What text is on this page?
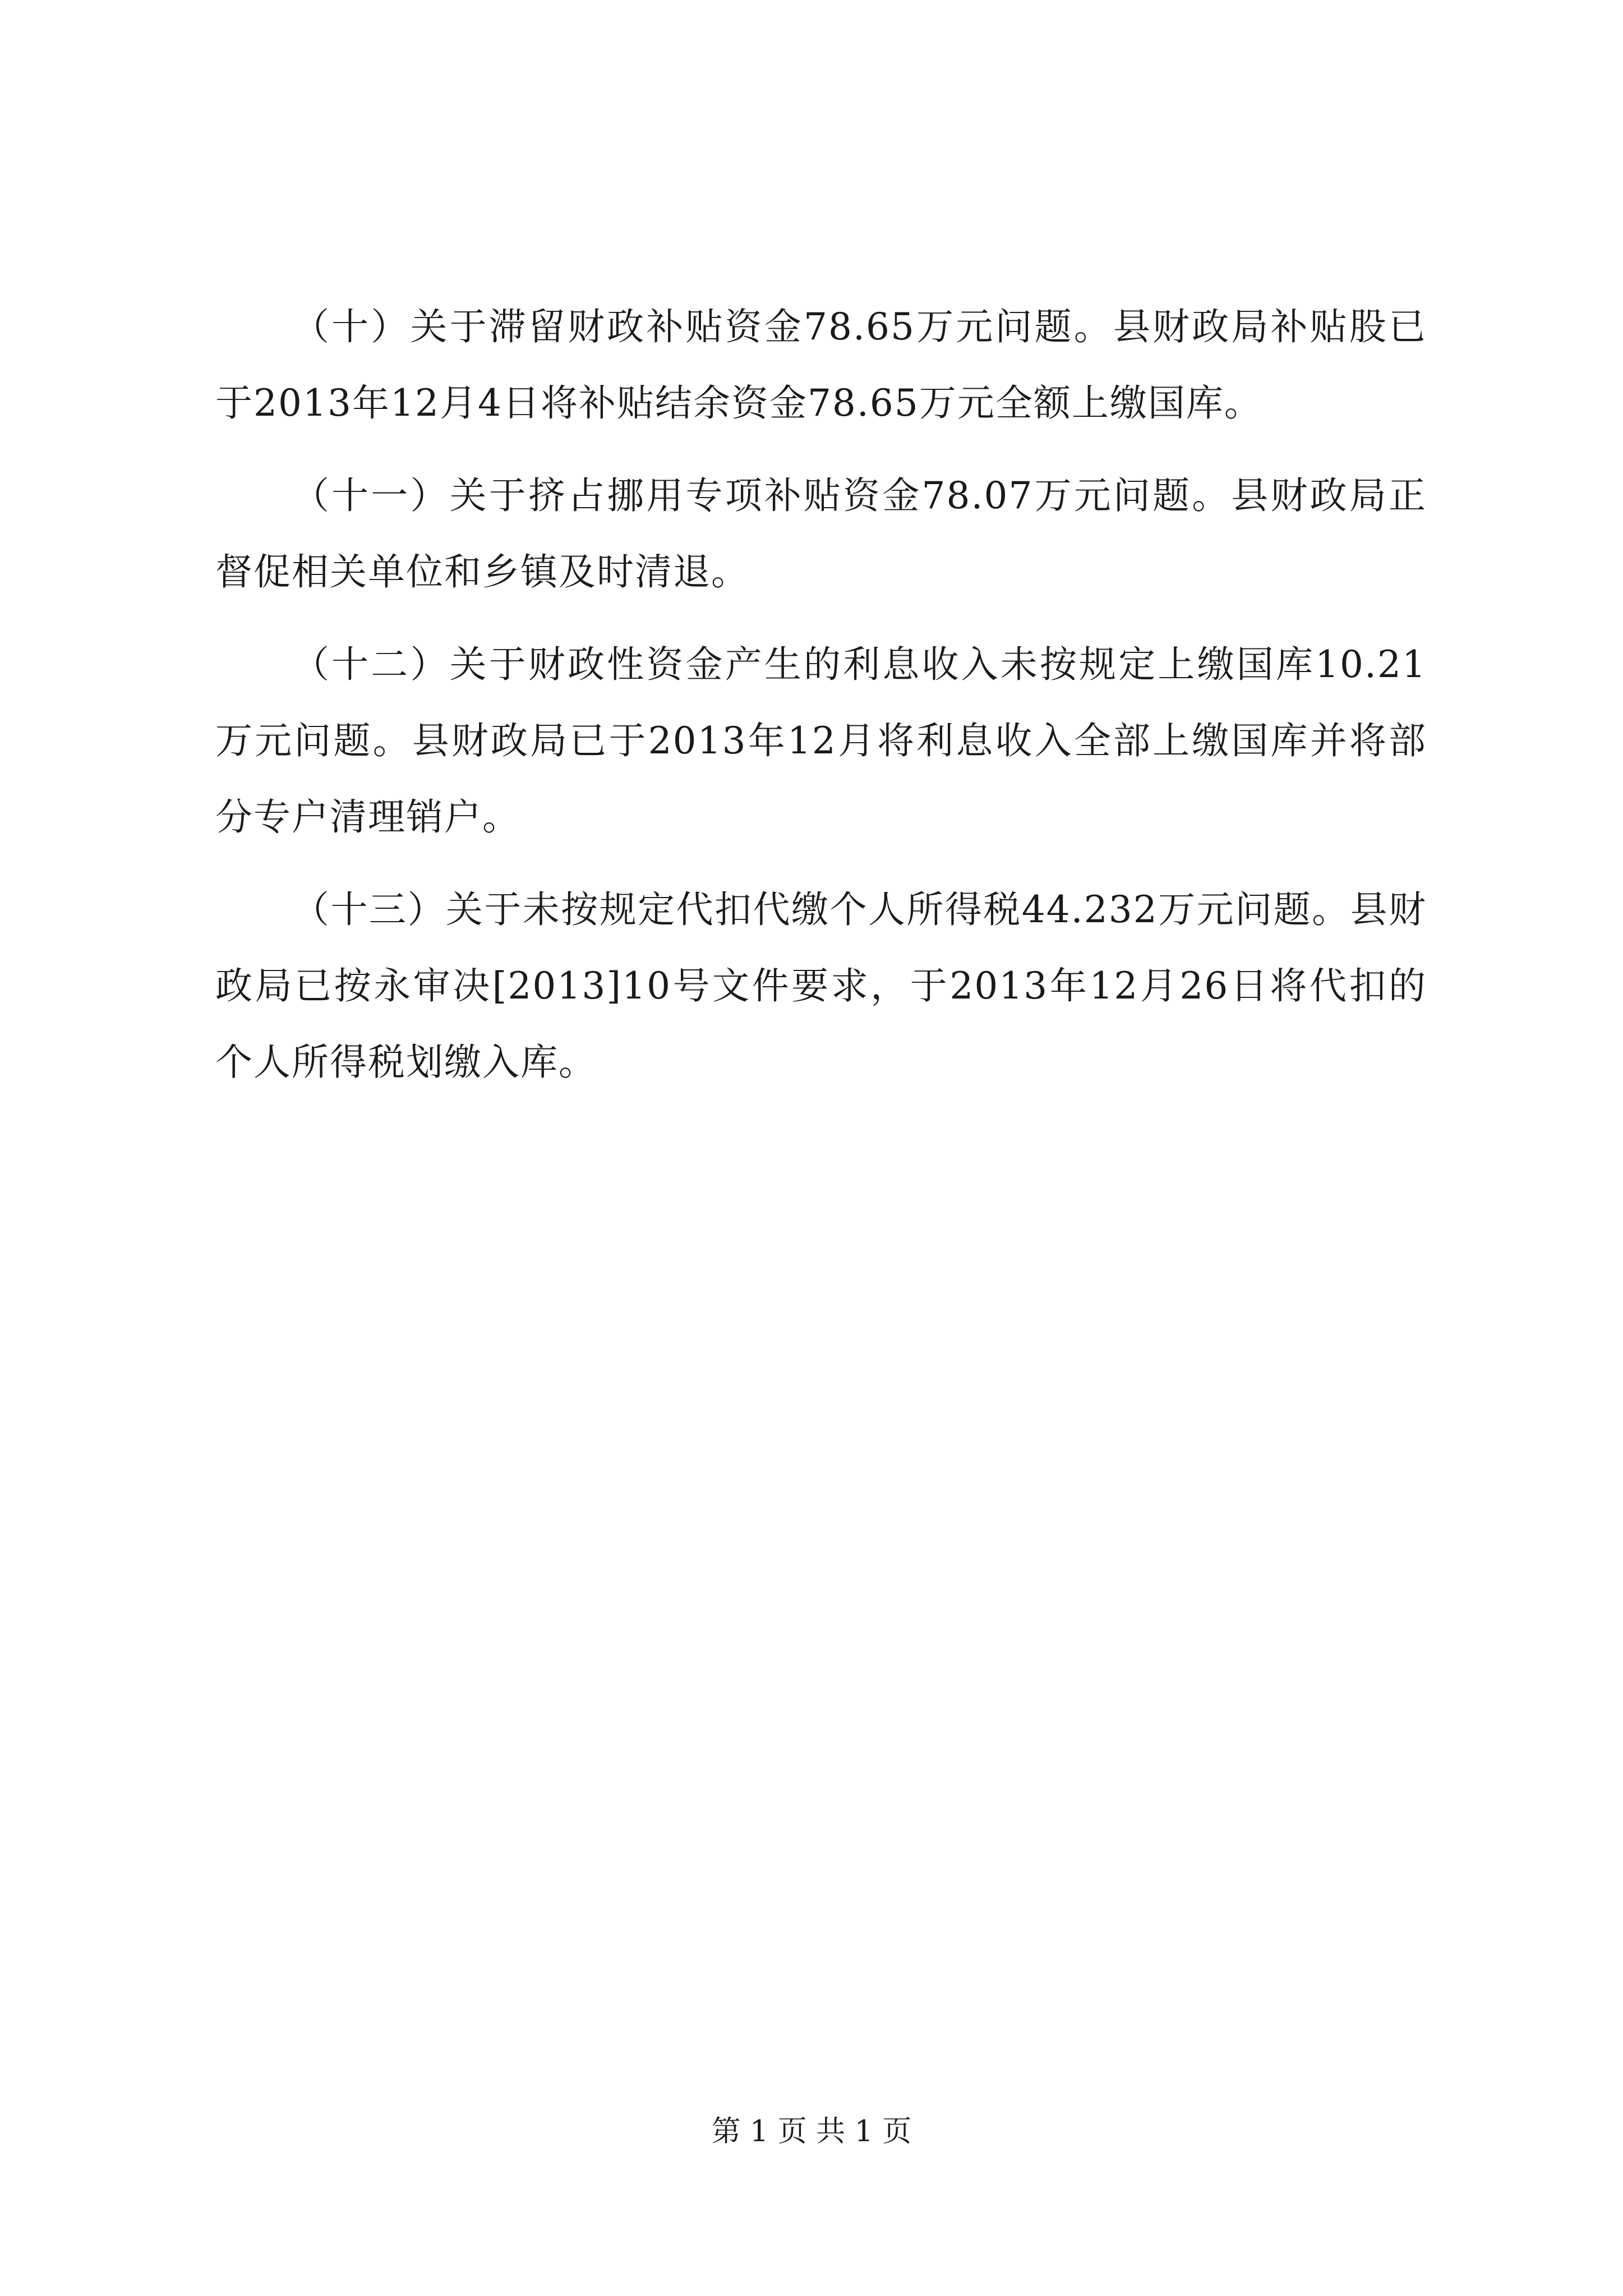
（十）关于滞留财政补贴资金78.65万元问题。县财政局补贴股已于2013年12月4日将补贴结余资金78.65万元全额上缴国库。

（十一）关于挤占挪用专项补贴资金78.07万元问题。县财政局正督促相关单位和乡镇及时清退。

（十二）关于财政性资金产生的利息收入未按规定上缴国库10.21万元问题。县财政局已于2013年12月将利息收入全部上缴国库并将部分专户清理销户。

（十三）关于未按规定代扣代缴个人所得税44.232万元问题。县财政局已按永审决[2013]10号文件要求，于2013年12月26日将代扣的个人所得税划缴入库。

第 1 页 共 1 页
